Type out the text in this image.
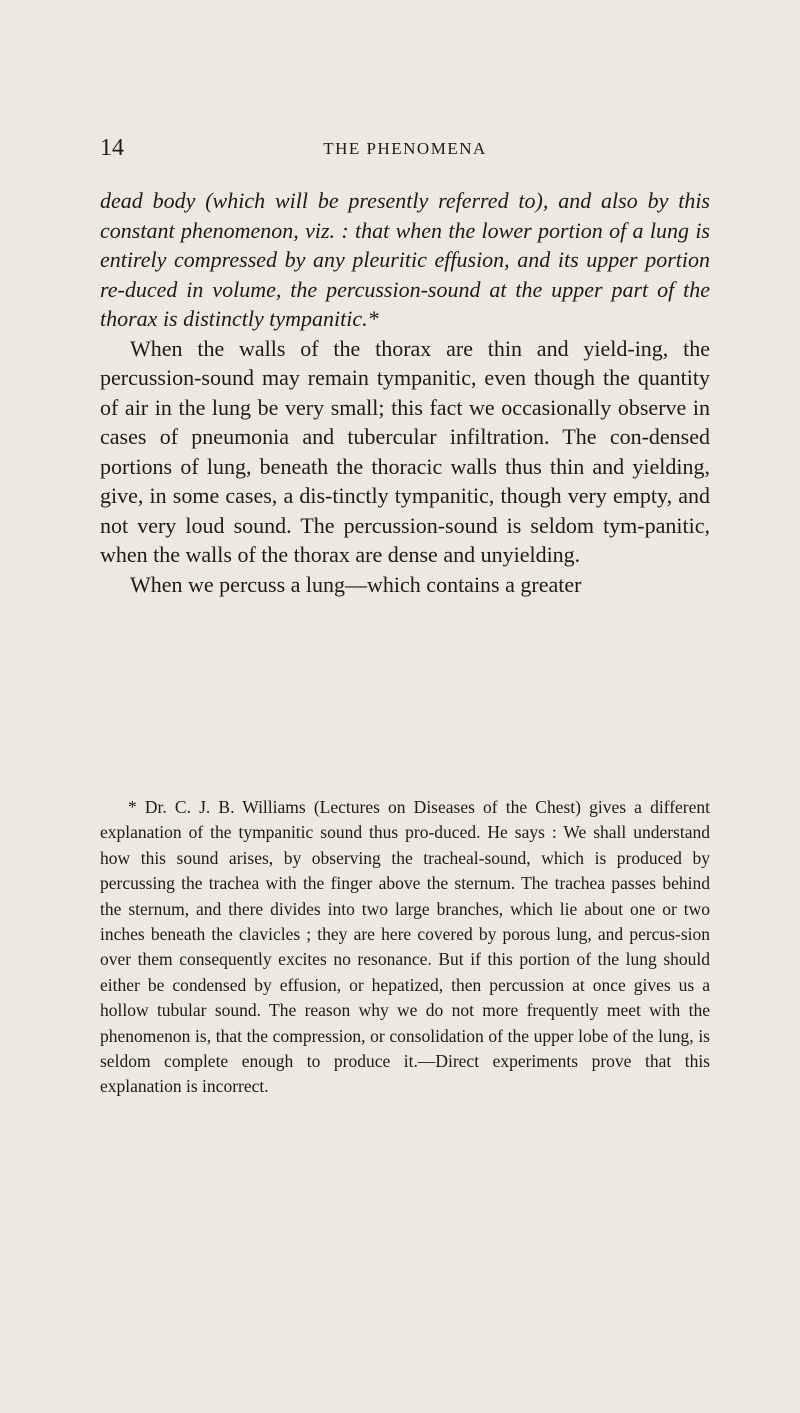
14	THE PHENOMENA

dead body (which will be presently referred to), and also by this constant phenomenon, viz. : that when the lower portion of a lung is entirely compressed by any pleuritic effusion, and its upper portion re-duced in volume, the percussion-sound at the upper part of the thorax is distinctly tympanitic.*

When the walls of the thorax are thin and yield-ing, the percussion-sound may remain tympanitic, even though the quantity of air in the lung be very small; this fact we occasionally observe in cases of pneumonia and tubercular infiltration. The con-densed portions of lung, beneath the thoracic walls thus thin and yielding, give, in some cases, a dis-tinctly tympanitic, though very empty, and not very loud sound. The percussion-sound is seldom tym-panitic, when the walls of the thorax are dense and unyielding.

When we percuss a lung—which contains a greater

* Dr. C. J. B. Williams (Lectures on Diseases of the Chest) gives a different explanation of the tympanitic sound thus pro-duced. He says : We shall understand how this sound arises, by observing the tracheal-sound, which is produced by percussing the trachea with the finger above the sternum. The trachea passes behind the sternum, and there divides into two large branches, which lie about one or two inches beneath the clavicles ; they are here covered by porous lung, and percus-sion over them consequently excites no resonance. But if this portion of the lung should either be condensed by effusion, or hepatized, then percussion at once gives us a hollow tubular sound. The reason why we do not more frequently meet with the phenomenon is, that the compression, or consolidation of the upper lobe of the lung, is seldom complete enough to produce it.—Direct experiments prove that this explanation is incorrect.
